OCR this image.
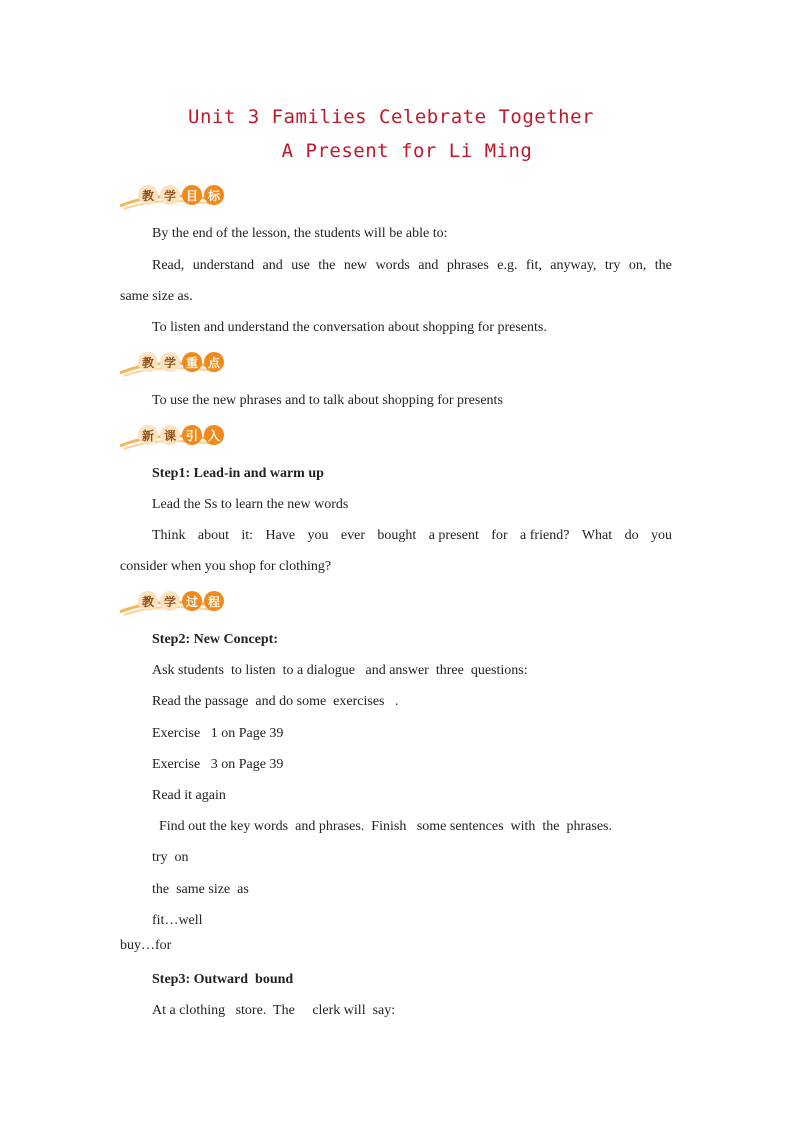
Unit 3 Families Celebrate Together
A Present for Li Ming
教 学 目 标
By the end of the lesson, the students will be able to:
Read, understand and use the new words and phrases e.g. fit, anyway, try on, the
same size as.
To listen and understand the conversation about shopping for presents.
教 学 重 点
To use the new phrases and to talk about shopping for presents
新 课 引 入
Step1: Lead-in and warm up
Lead the Ss to learn the new words
Think about it: Have you ever bought a present for a friend? What do you
consider when you shop for clothing?
教 学 过 程
Step2: New Concept:
Ask students  to listen  to a dialogue   and answer  three  questions:
Read the passage  and do some  exercises   .
Exercise   1 on Page 39
Exercise   3 on Page 39
Read it again
Find out the key words  and phrases.  Finish   some sentences  with  the  phrases.
try  on
the  same size  as
fit…well
buy…for
Step3: Outward  bound
At a clothing   store.  The     clerk will  say:
